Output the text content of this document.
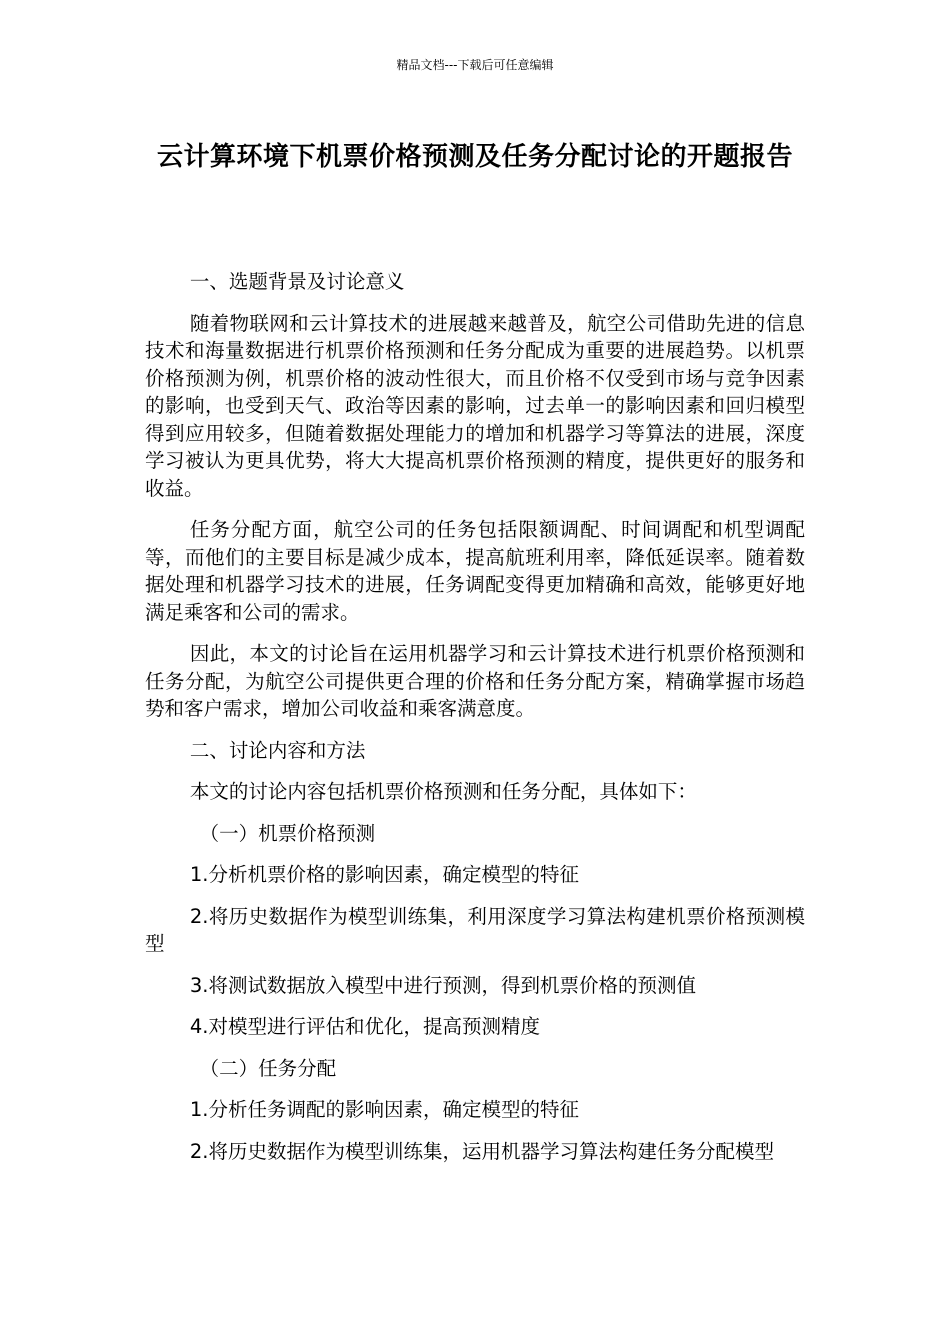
精品文档---下载后可任意编辑
云计算环境下机票价格预测及任务分配讨论的开题报告

一、选题背景及讨论意义

随着物联网和云计算技术的进展越来越普及，航空公司借助先进的信息技术和海量数据进行机票价格预测和任务分配成为重要的进展趋势。以机票价格预测为例，机票价格的波动性很大，而且价格不仅受到市场与竞争因素的影响，也受到天气、政治等因素的影响，过去单一的影响因素和回归模型得到应用较多，但随着数据处理能力的增加和机器学习等算法的进展，深度学习被认为更具优势，将大大提高机票价格预测的精度，提供更好的服务和收益。

任务分配方面，航空公司的任务包括限额调配、时间调配和机型调配等，而他们的主要目标是减少成本，提高航班利用率，降低延误率。随着数据处理和机器学习技术的进展，任务调配变得更加精确和高效，能够更好地满足乘客和公司的需求。

因此，本文的讨论旨在运用机器学习和云计算技术进行机票价格预测和任务分配，为航空公司提供更合理的价格和任务分配方案，精确掌握市场趋势和客户需求，增加公司收益和乘客满意度。

二、讨论内容和方法

本文的讨论内容包括机票价格预测和任务分配，具体如下：

（一）机票价格预测

1.分析机票价格的影响因素，确定模型的特征

2.将历史数据作为模型训练集，利用深度学习算法构建机票价格预测模型

3.将测试数据放入模型中进行预测，得到机票价格的预测值

4.对模型进行评估和优化，提高预测精度

（二）任务分配

1.分析任务调配的影响因素，确定模型的特征

2.将历史数据作为模型训练集，运用机器学习算法构建任务分配模型
